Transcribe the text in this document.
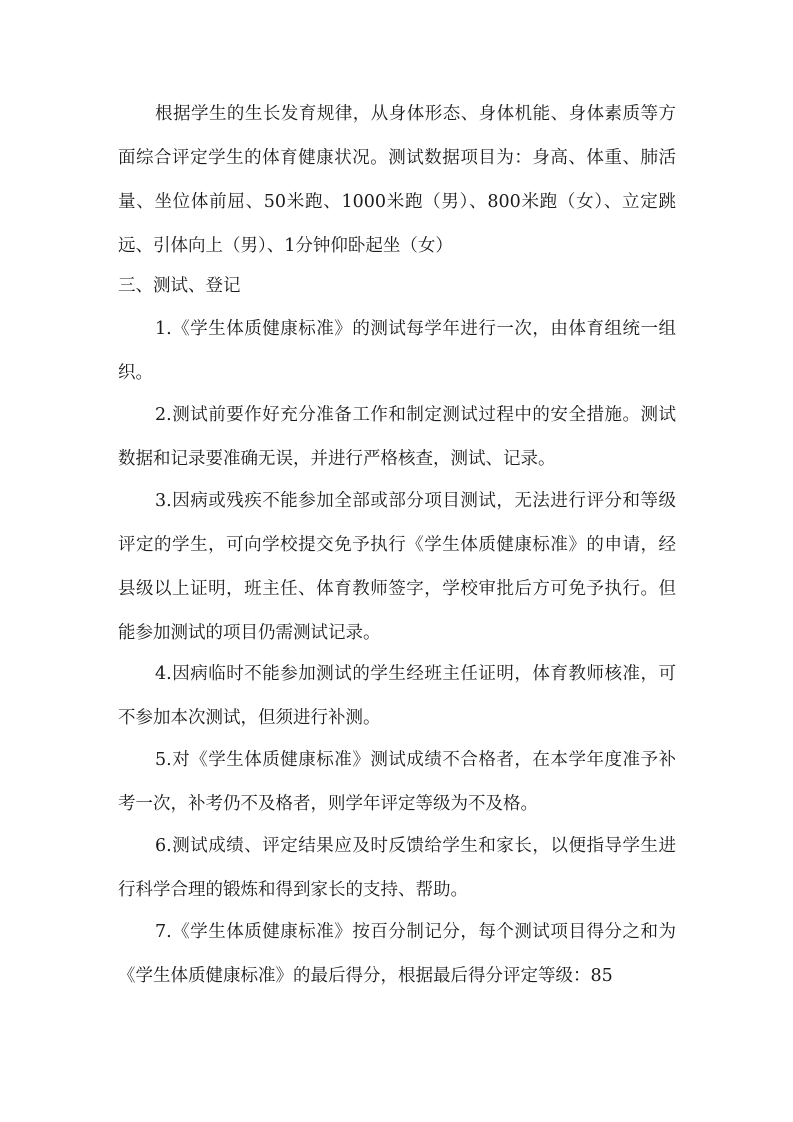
根据学生的生长发育规律，从身体形态、身体机能、身体素质等方面综合评定学生的体育健康状况。测试数据项目为：身高、体重、肺活量、坐位体前屈、50米跑、1000米跑（男）、800米跑（女）、立定跳远、引体向上（男）、1分钟仰卧起坐（女）

三、测试、登记

1.《学生体质健康标准》的测试每学年进行一次，由体育组统一组织。

2.测试前要作好充分准备工作和制定测试过程中的安全措施。测试数据和记录要准确无误，并进行严格核查，测试、记录。

3.因病或残疾不能参加全部或部分项目测试，无法进行评分和等级评定的学生，可向学校提交免予执行《学生体质健康标准》的申请，经县级以上证明，班主任、体育教师签字，学校审批后方可免予执行。但能参加测试的项目仍需测试记录。

4.因病临时不能参加测试的学生经班主任证明，体育教师核准，可不参加本次测试，但须进行补测。

5.对《学生体质健康标准》测试成绩不合格者，在本学年度准予补考一次，补考仍不及格者，则学年评定等级为不及格。

6.测试成绩、评定结果应及时反馈给学生和家长，以便指导学生进行科学合理的锻炼和得到家长的支持、帮助。

7.《学生体质健康标准》按百分制记分，每个测试项目得分之和为《学生体质健康标准》的最后得分，根据最后得分评定等级：85
